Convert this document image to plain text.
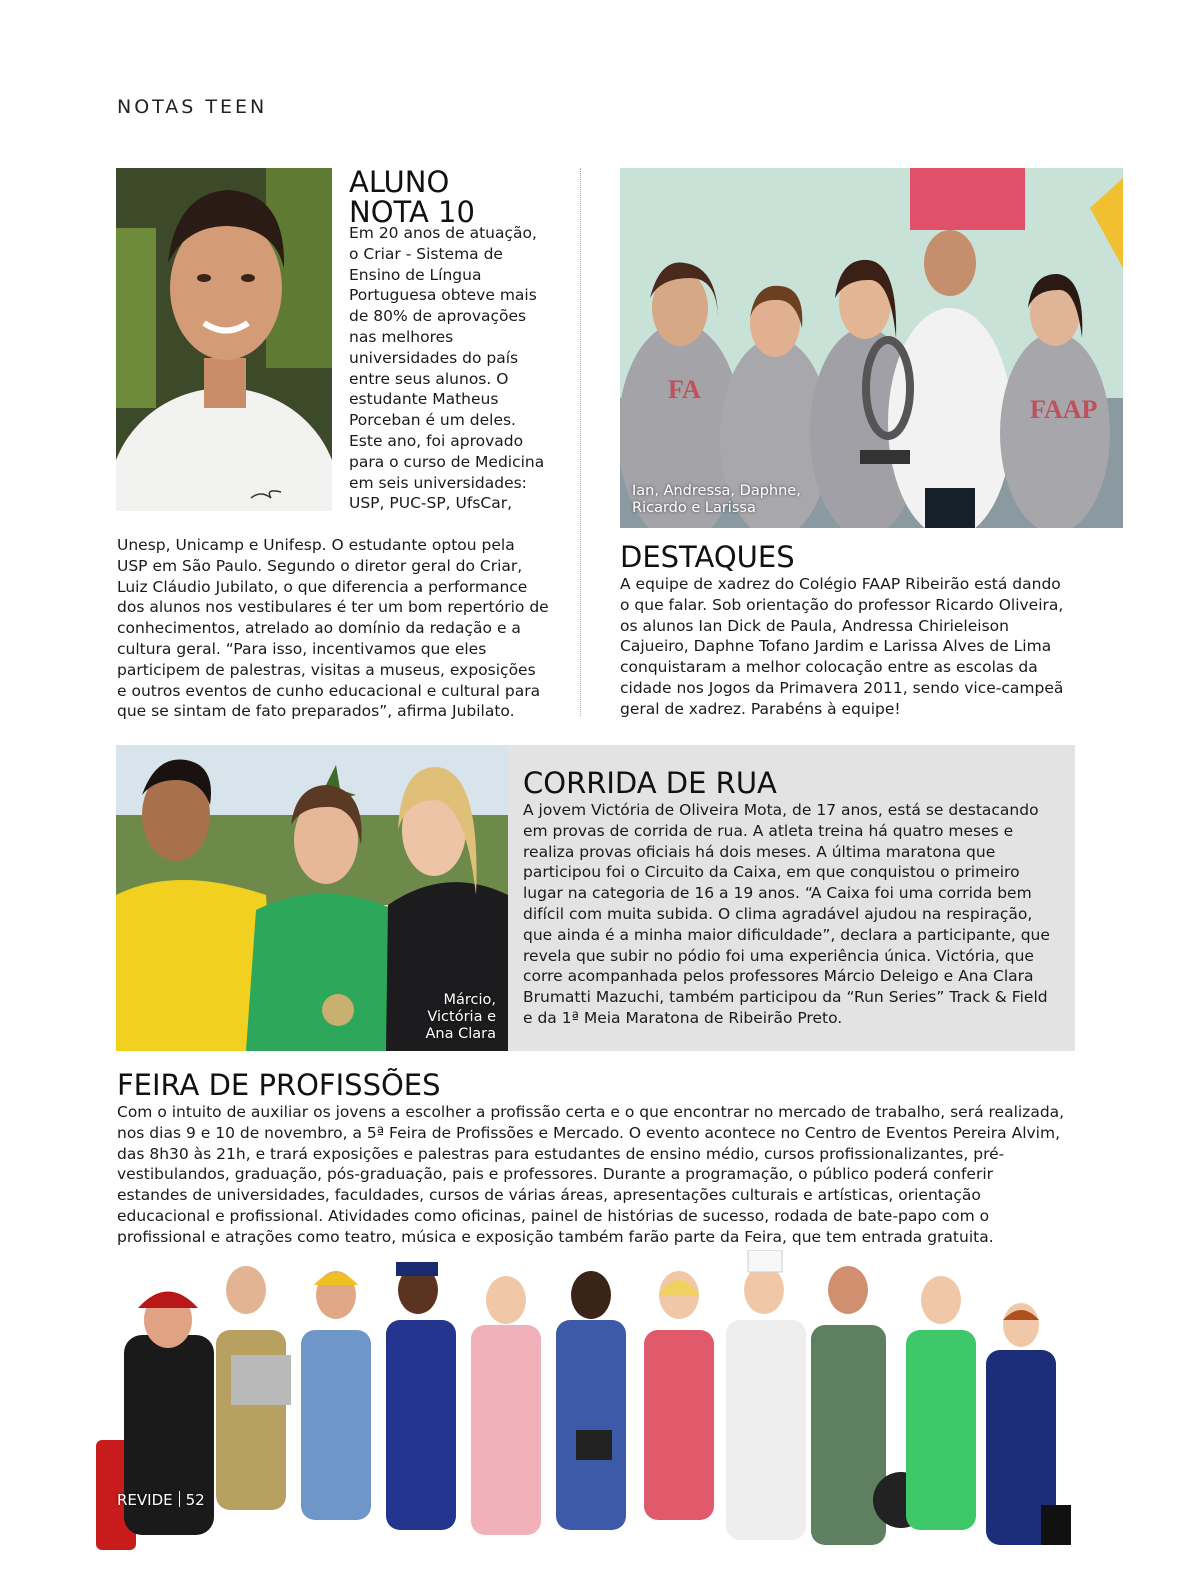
NOTAS TEEN
ALUNO
NOTA 10

Em 20 anos de atuação, o Criar - Sistema de Ensino de Língua Portuguesa obteve mais de 80% de aprovações nas melhores universidades do país entre seus alunos. O estudante Matheus Porceban é um deles. Este ano, foi aprovado para o curso de Medicina em seis universidades: USP, PUC-SP, UfsCar,

Unesp, Unicamp e Unifesp. O estudante optou pela USP em São Paulo. Segundo o diretor geral do Criar, Luiz Cláudio Jubilato, o que diferencia a performance dos alunos nos vestibulares é ter um bom repertório de conhecimentos, atrelado ao domínio da redação e a cultura geral. “Para isso, incentivamos que eles participem de palestras, visitas a museus, exposições e outros eventos de cunho educacional e cultural para que se sintam de fato preparados”, afirma Jubilato.

FA
FAAP
Ian, Andressa, Daphne,
Ricardo e Larissa
DESTAQUES

A equipe de xadrez do Colégio FAAP Ribeirão está dando o que falar. Sob orientação do professor Ricardo Oliveira, os alunos Ian Dick de Paula, Andressa Chirieleison Cajueiro, Daphne Tofano Jardim e Larissa Alves de Lima conquistaram a melhor colocação entre as escolas da cidade nos Jogos da Primavera 2011, sendo vice-campeã geral de xadrez. Parabéns à equipe!

Márcio,
Victória e
Ana Clara
CORRIDA DE RUA

A jovem Victória de Oliveira Mota, de 17 anos, está se destacando em provas de corrida de rua. A atleta treina há quatro meses e realiza provas oficiais há dois meses. A última maratona que participou foi o Circuito da Caixa, em que conquistou o primeiro lugar na categoria de 16 a 19 anos. “A Caixa foi uma corrida bem difícil com muita subida. O clima agradável ajudou na respiração, que ainda é a minha maior dificuldade”, declara a participante, que revela que subir no pódio foi uma experiência única. Victória, que corre acompanhada pelos professores Márcio Deleigo e Ana Clara Brumatti Mazuchi, também participou da “Run Series” Track & Field e da 1ª Meia Maratona de Ribeirão Preto.

FEIRA DE PROFISSÕES

Com o intuito de auxiliar os jovens a escolher a profissão certa e o que encontrar no mercado de trabalho, será realizada, nos dias 9 e 10 de novembro, a 5ª Feira de Profissões e Mercado. O evento acontece no Centro de Eventos Pereira Alvim, das 8h30 às 21h, e trará exposições e palestras para estudantes de ensino médio, cursos profissionalizantes, pré-vestibulandos, graduação, pós-graduação, pais e professores. Durante a programação, o público poderá conferir estandes de universidades, faculdades, cursos de várias áreas, apresentações culturais e artísticas, orientação educacional e profissional. Atividades como oficinas, painel de histórias de sucesso, rodada de bate-papo com o profissional e atrações como teatro, música e exposição também farão parte da Feira, que tem entrada gratuita.

REVIDE 52
